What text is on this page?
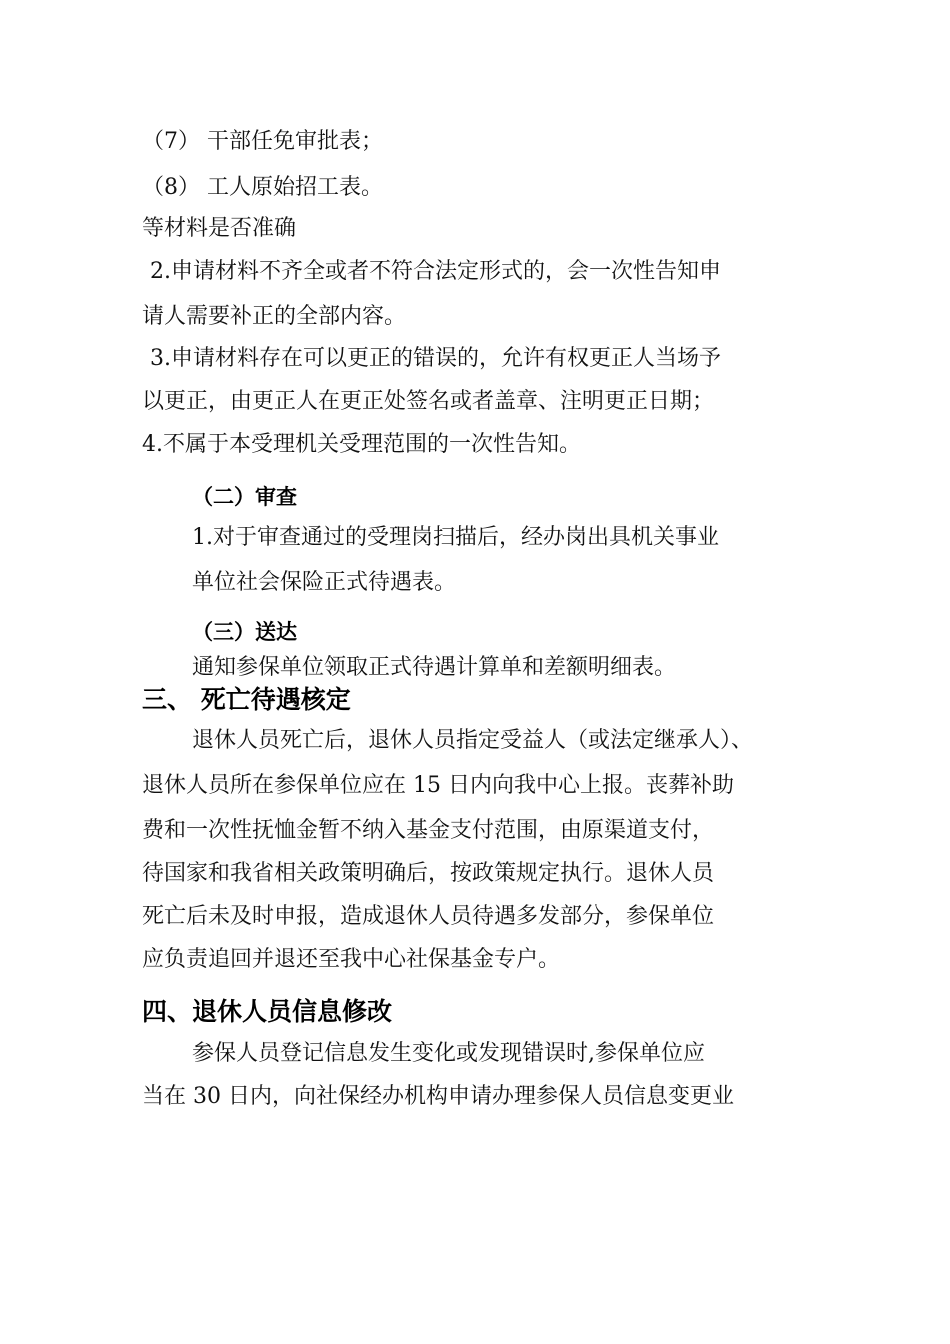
（7） 干部任免审批表；
（8） 工人原始招工表。
等材料是否准确
2.申请材料不齐全或者不符合法定形式的，会一次性告知申
请人需要补正的全部内容。
3.申请材料存在可以更正的错误的，允许有权更正人当场予
以更正，由更正人在更正处签名或者盖章、注明更正日期；
4.不属于本受理机关受理范围的一次性告知。
（二）审查
1.对于审查通过的受理岗扫描后，经办岗出具机关事业
单位社会保险正式待遇表。
（三）送达
通知参保单位领取正式待遇计算单和差额明细表。
三、 死亡待遇核定
退休人员死亡后，退休人员指定受益人（或法定继承人）、
退休人员所在参保单位应在 15 日内向我中心上报。丧葬补助
费和一次性抚恤金暂不纳入基金支付范围，由原渠道支付，
待国家和我省相关政策明确后，按政策规定执行。退休人员
死亡后未及时申报，造成退休人员待遇多发部分，参保单位
应负责追回并退还至我中心社保基金专户。
四、退休人员信息修改
参保人员登记信息发生变化或发现错误时,参保单位应
当在 30 日内，向社保经办机构申请办理参保人员信息变更业
